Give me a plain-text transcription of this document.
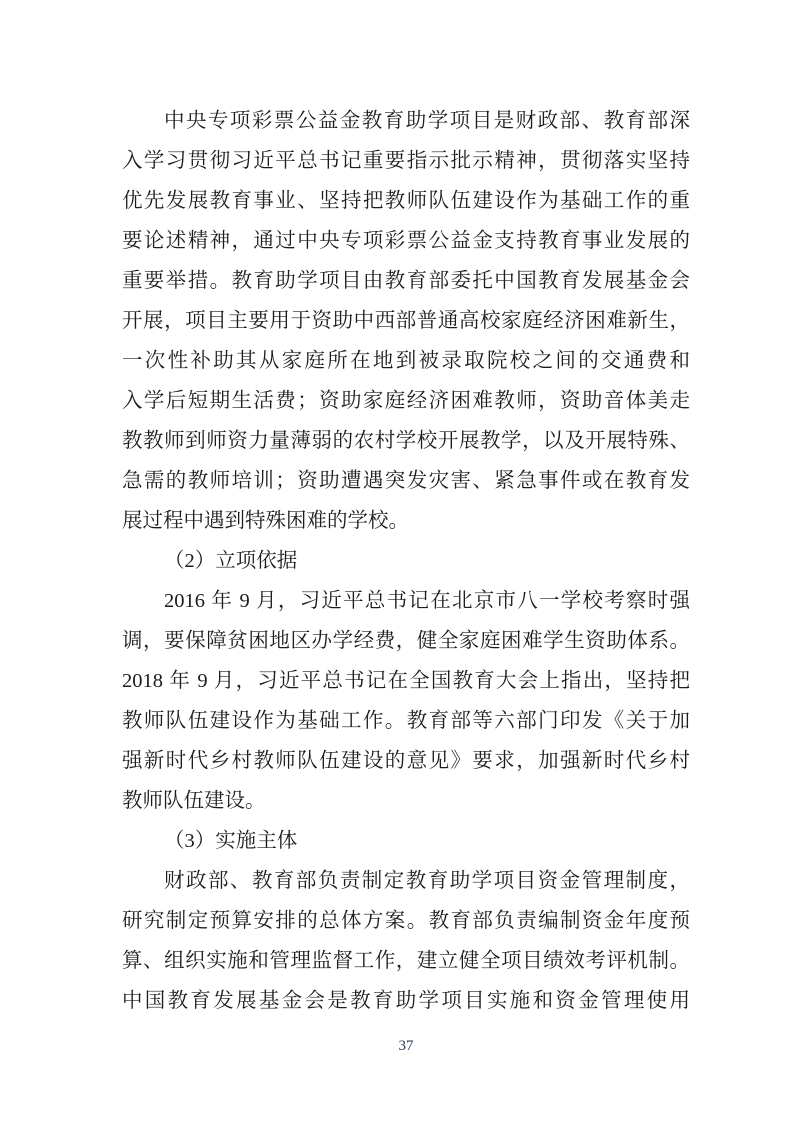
中央专项彩票公益金教育助学项目是财政部、教育部深
入学习贯彻习近平总书记重要指示批示精神，贯彻落实坚持
优先发展教育事业、坚持把教师队伍建设作为基础工作的重
要论述精神，通过中央专项彩票公益金支持教育事业发展的
重要举措。教育助学项目由教育部委托中国教育发展基金会
开展，项目主要用于资助中西部普通高校家庭经济困难新生，
一次性补助其从家庭所在地到被录取院校之间的交通费和
入学后短期生活费；资助家庭经济困难教师，资助音体美走
教教师到师资力量薄弱的农村学校开展教学，以及开展特殊、
急需的教师培训；资助遭遇突发灾害、紧急事件或在教育发
展过程中遇到特殊困难的学校。
（2）立项依据
2016 年 9 月，习近平总书记在北京市八一学校考察时强
调，要保障贫困地区办学经费，健全家庭困难学生资助体系。
2018 年 9 月，习近平总书记在全国教育大会上指出，坚持把
教师队伍建设作为基础工作。教育部等六部门印发《关于加
强新时代乡村教师队伍建设的意见》要求，加强新时代乡村
教师队伍建设。
（3）实施主体
财政部、教育部负责制定教育助学项目资金管理制度，
研究制定预算安排的总体方案。教育部负责编制资金年度预
算、组织实施和管理监督工作，建立健全项目绩效考评机制。
中国教育发展基金会是教育助学项目实施和资金管理使用
37
